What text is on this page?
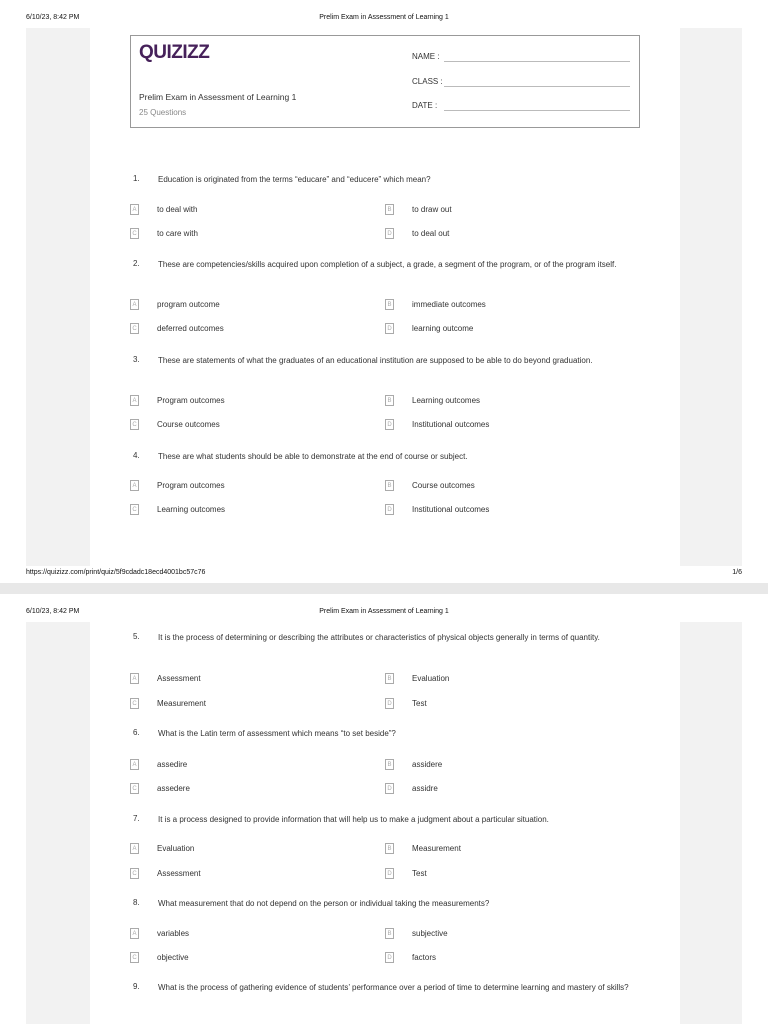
6/10/23, 8:42 PM	Prelim Exam in Assessment of Learning 1
QUIZIZZ
Prelim Exam in Assessment of Learning 1
25 Questions
NAME :
CLASS :
DATE :
1. Education is originated from the terms “educare” and “educere” which mean?
A	to deal with	B	to draw out
C	to care with	D	to deal out
2. These are competencies/skills acquired upon completion of a subject, a grade, a segment of the program, or of the program itself.
A	program outcome	B	immediate outcomes
C	deferred outcomes	D	learning outcome
3. These are statements of what the graduates of an educational institution are supposed to be able to do beyond graduation.
A	Program outcomes	B	Learning outcomes
C	Course outcomes	D	Institutional outcomes
4. These are what students should be able to demonstrate at the end of course or subject.
A	Program outcomes	B	Course outcomes
C	Learning outcomes	D	Institutional outcomes
https://quizizz.com/print/quiz/5f9cdadc18ecd4001bc57c76	1/6
6/10/23, 8:42 PM	Prelim Exam in Assessment of Learning 1
5. It is the process of determining or describing the attributes or characteristics of physical objects generally in terms of quantity.
A	Assessment	B	Evaluation
C	Measurement	D	Test
6. What is the Latin term of assessment which means “to set beside”?
A	assedire	B	assidere
C	assedere	D	assidre
7. It is a process designed to provide information that will help us to make a judgment about a particular situation.
A	Evaluation	B	Measurement
C	Assessment	D	Test
8. What measurement that do not depend on the person or individual taking the measurements?
A	variables	B	subjective
C	objective	D	factors
9. What is the process of gathering evidence of students’ performance over a period of time to determine learning and mastery of skills?
